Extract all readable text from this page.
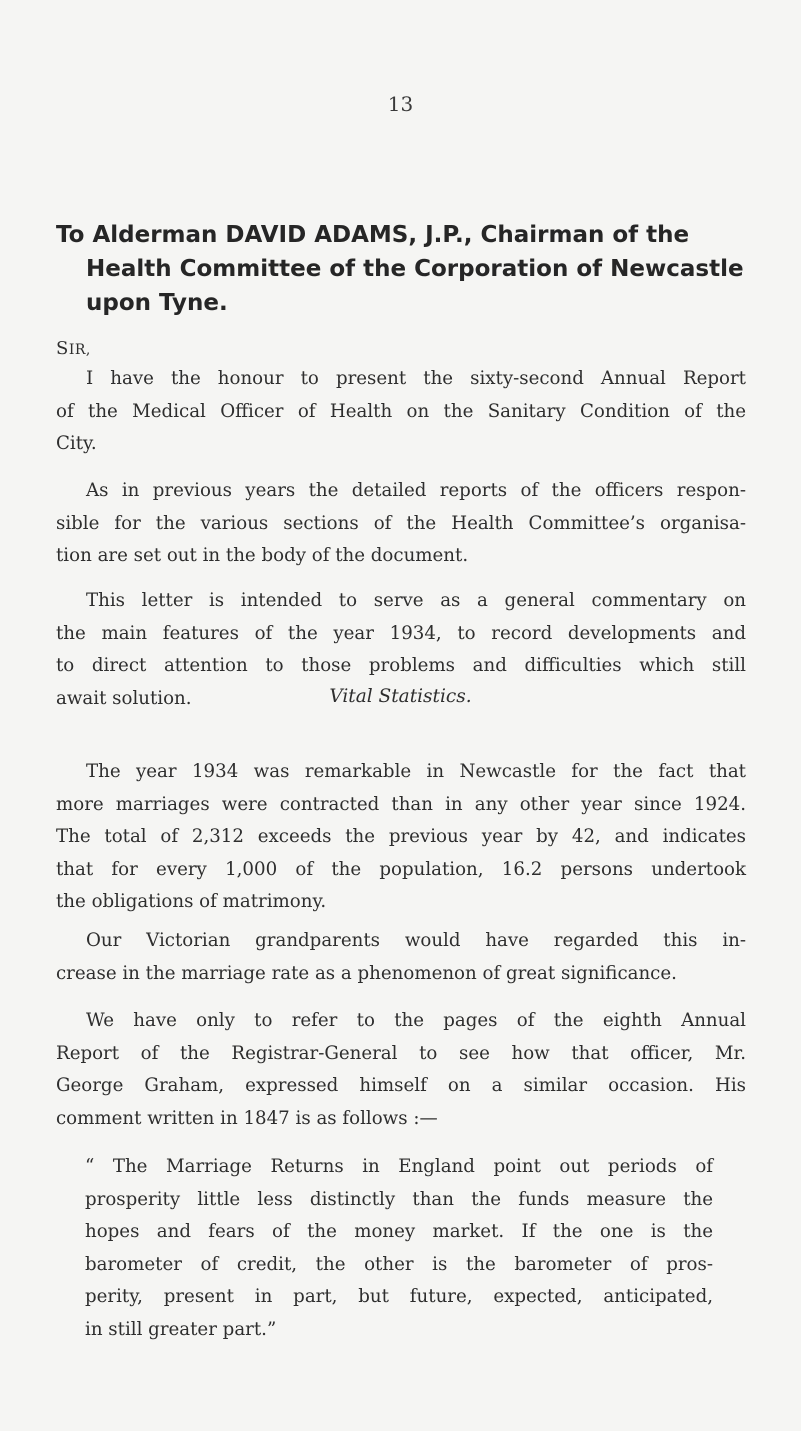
13
To Alderman DAVID ADAMS, J.P., Chairman of the
Health Committee of the Corporation of Newcastle
upon Tyne.
SIR,

I have the honour to present the sixty-second Annual Report
of the Medical Officer of Health on the Sanitary Condition of the
City.

As in previous years the detailed reports of the officers respon-
sible for the various sections of the Health Committee’s organisa-
tion are set out in the body of the document.

This letter is intended to serve as a general commentary on
the main features of the year 1934, to record developments and
to direct attention to those problems and difficulties which still
await solution.

The year 1934 was remarkable in Newcastle for the fact that
more marriages were contracted than in any other year since 1924.
The total of 2,312 exceeds the previous year by 42, and indicates
that for every 1,000 of the population, 16.2 persons undertook
the obligations of matrimony.

Our Victorian grandparents would have regarded this in-
crease in the marriage rate as a phenomenon of great significance.

We have only to refer to the pages of the eighth Annual
Report of the Registrar-General to see how that officer, Mr.
George Graham, expressed himself on a similar occasion. His
comment written in 1847 is as follows :—

“ The Marriage Returns in England point out periods of
prosperity little less distinctly than the funds measure the
hopes and fears of the money market. If the one is the
barometer of credit, the other is the barometer of pros-
perity, present in part, but future, expected, anticipated,
in still greater part.”

Vital Statistics.
